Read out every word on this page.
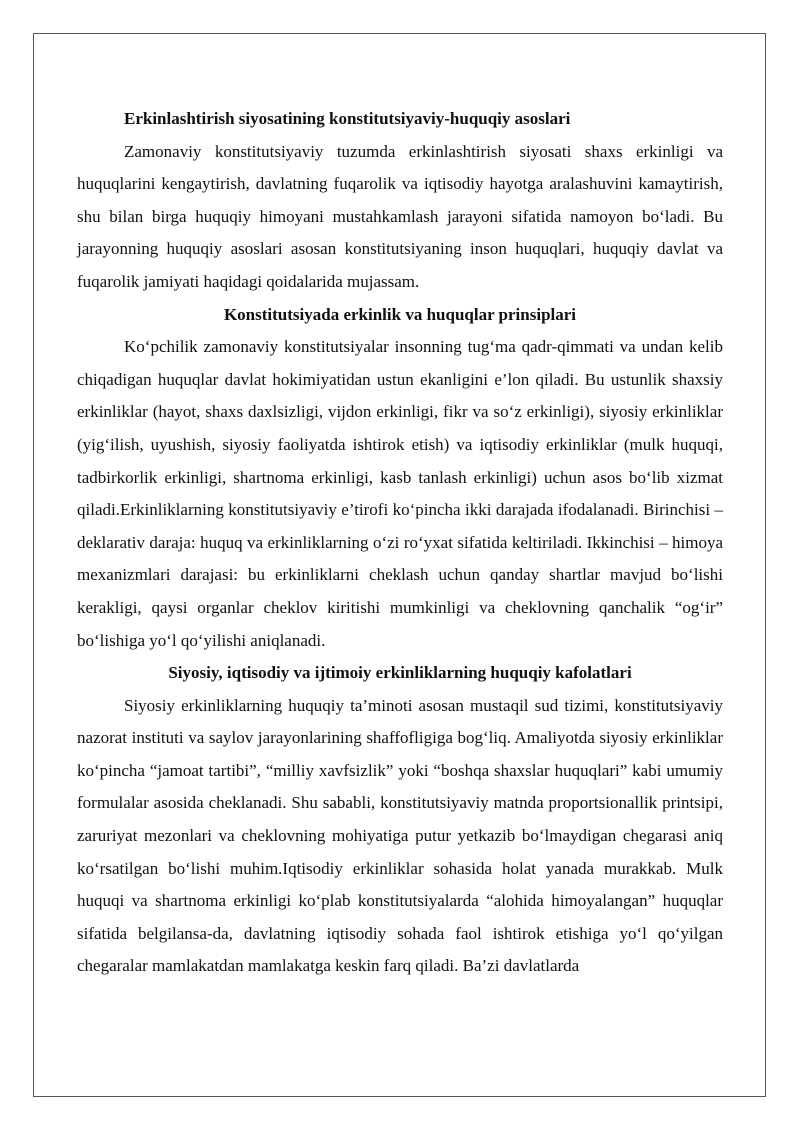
Erkinlashtirish siyosatining konstitutsiyaviy-huquqiy asoslari

Zamonaviy konstitutsiyaviy tuzumda erkinlashtirish siyosati shaxs erkinligi va huquqlarini kengaytirish, davlatning fuqarolik va iqtisodiy hayotga aralashuvini kamaytirish, shu bilan birga huquqiy himoyani mustahkamlash jarayoni sifatida namoyon bo‘ladi. Bu jarayonning huquqiy asoslari asosan konstitutsiyaning inson huquqlari, huquqiy davlat va fuqarolik jamiyati haqidagi qoidalarida mujassam.

Konstitutsiyada erkinlik va huquqlar prinsiplari

Ko‘pchilik zamonaviy konstitutsiyalar insonning tug‘ma qadr-qimmati va undan kelib chiqadigan huquqlar davlat hokimiyatidan ustun ekanligini e’lon qiladi. Bu ustunlik shaxsiy erkinliklar (hayot, shaxs daxlsizligi, vijdon erkinligi, fikr va so‘z erkinligi), siyosiy erkinliklar (yig‘ilish, uyushish, siyosiy faoliyatda ishtirok etish) va iqtisodiy erkinliklar (mulk huquqi, tadbirkorlik erkinligi, shartnoma erkinligi, kasb tanlash erkinligi) uchun asos bo‘lib xizmat qiladi.Erkinliklarning konstitutsiyaviy e’tirofi ko‘pincha ikki darajada ifodalanadi. Birinchisi – deklarativ daraja: huquq va erkinliklarning o‘zi ro‘yxat sifatida keltiriladi. Ikkinchisi – himoya mexanizmlari darajasi: bu erkinliklarni cheklash uchun qanday shartlar mavjud bo‘lishi kerakligi, qaysi organlar cheklov kiritishi mumkinligi va cheklovning qanchalik “og‘ir” bo‘lishiga yo‘l qo‘yilishi aniqlanadi.

Siyosiy, iqtisodiy va ijtimoiy erkinliklarning huquqiy kafolatlari

Siyosiy erkinliklarning huquqiy ta’minoti asosan mustaqil sud tizimi, konstitutsiyaviy nazorat instituti va saylov jarayonlarining shaffofligiga bog‘liq. Amaliyotda siyosiy erkinliklar ko‘pincha “jamoat tartibi”, “milliy xavfsizlik” yoki “boshqa shaxslar huquqlari” kabi umumiy formulalar asosida cheklanadi. Shu sababli, konstitutsiyaviy matnda proportsionallik printsipi, zaruriyat mezonlari va cheklovning mohiyatiga putur yetkazib bo‘lmaydigan chegarasi aniq ko‘rsatilgan bo‘lishi muhim.Iqtisodiy erkinliklar sohasida holat yanada murakkab. Mulk huquqi va shartnoma erkinligi ko‘plab konstitutsiyalarda “alohida himoyalangan” huquqlar sifatida belgilansa-da, davlatning iqtisodiy sohada faol ishtirok etishiga yo‘l qo‘yilgan chegaralar mamlakatdan mamlakatga keskin farq qiladi. Ba’zi davlatlarda
